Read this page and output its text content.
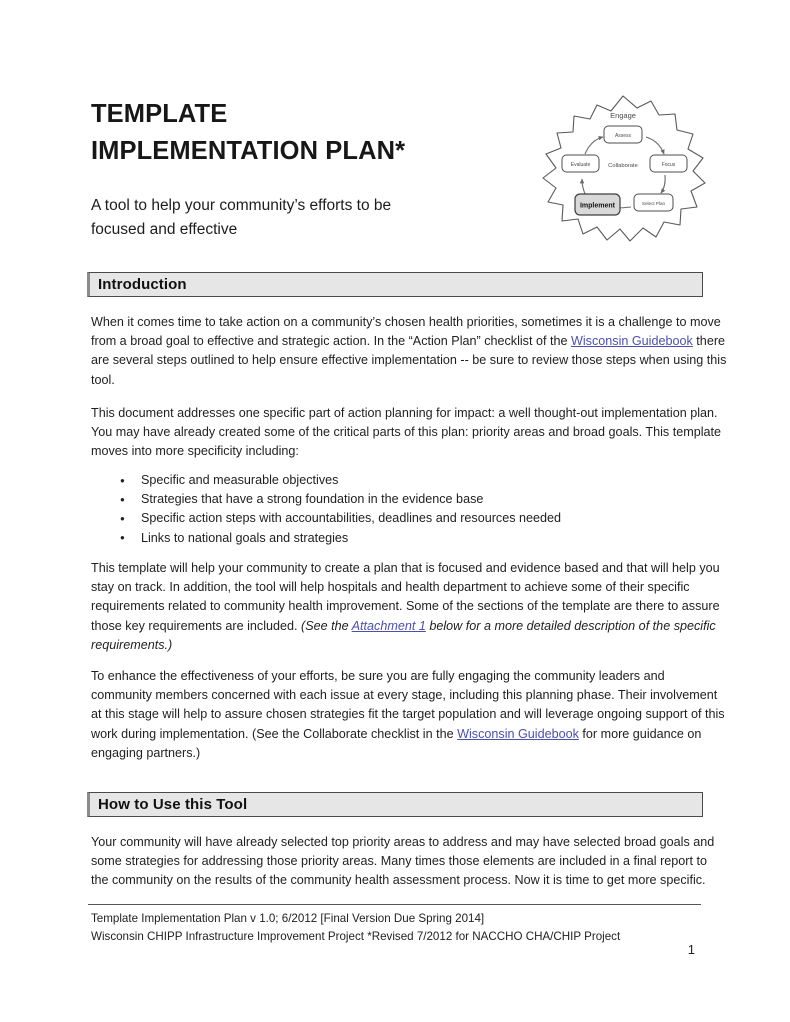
TEMPLATE
IMPLEMENTATION PLAN*

A tool to help your community’s efforts to be focused and effective

Engage
Collaborate
Assess
Focus
Select Plan
Implement
Evaluate
Introduction
When it comes time to take action on a community’s chosen health priorities, sometimes it is a challenge to move from a broad goal to effective and strategic action. In the “Action Plan” checklist of the Wisconsin Guidebook there are several steps outlined to help ensure effective implementation -- be sure to review those steps when using this tool.
This document addresses one specific part of action planning for impact: a well thought-out implementation plan. You may have already created some of the critical parts of this plan: priority areas and broad goals. This template moves into more specificity including:
● Specific and measurable objectives
● Strategies that have a strong foundation in the evidence base
● Specific action steps with accountabilities, deadlines and resources needed
● Links to national goals and strategies
This template will help your community to create a plan that is focused and evidence based and that will help you stay on track. In addition, the tool will help hospitals and health department to achieve some of their specific requirements related to community health improvement. Some of the sections of the template are there to assure those key requirements are included. (See the Attachment 1 below for a more detailed description of the specific requirements.)
To enhance the effectiveness of your efforts, be sure you are fully engaging the community leaders and community members concerned with each issue at every stage, including this planning phase. Their involvement at this stage will help to assure chosen strategies fit the target population and will leverage ongoing support of this work during implementation. (See the Collaborate checklist in the Wisconsin Guidebook for more guidance on engaging partners.)
How to Use this Tool
Your community will have already selected top priority areas to address and may have selected broad goals and some strategies for addressing those priority areas. Many times those elements are included in a final report to the community on the results of the community health assessment process. Now it is time to get more specific.
Template Implementation Plan v 1.0; 6/2012 [Final Version Due Spring 2014]
Wisconsin CHIPP Infrastructure Improvement Project *Revised 7/2012 for NACCHO CHA/CHIP Project
1
